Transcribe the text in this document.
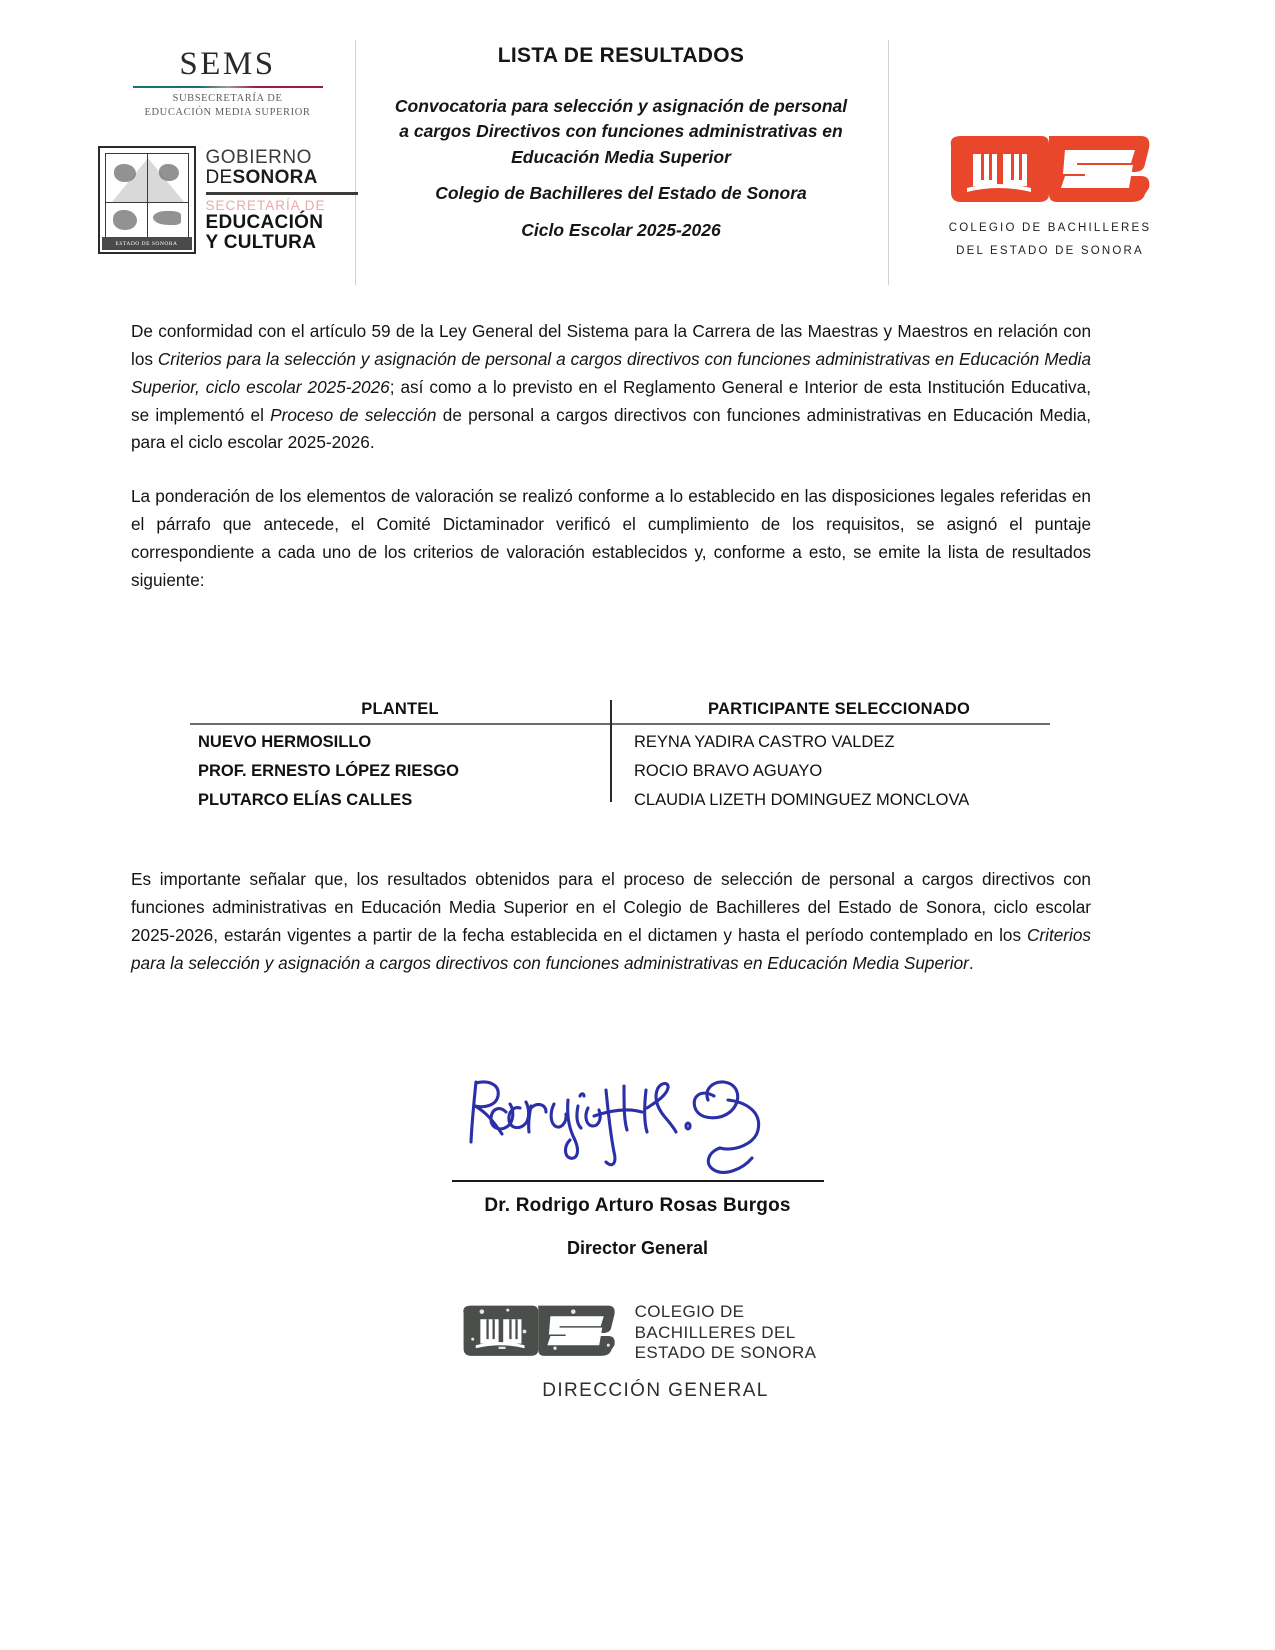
SEMS
SUBSECRETARÍA DE
EDUCACIÓN MEDIA SUPERIOR
ESTADO DE SONORA
GOBIERNO
DESONORA
SECRETARÍA DE
EDUCACIÓN
Y CULTURA
LISTA DE RESULTADOS
Convocatoria para selección y asignación de personal
a cargos Directivos con funciones administrativas en
Educación Media Superior
Colegio de Bachilleres del Estado de Sonora
Ciclo Escolar 2025-2026	COLEGIO DE BACHILLERES
DEL ESTADO DE SONORA

De conformidad con el artículo 59 de la Ley General del Sistema para la Carrera de las Maestras y Maestros en relación con los Criterios para la selección y asignación de personal a cargos directivos con funciones administrativas en Educación Media Superior, ciclo escolar 2025-2026; así como a lo previsto en el Reglamento General e Interior de esta Institución Educativa, se implementó el Proceso de selección de personal a cargos directivos con funciones administrativas en Educación Media, para el ciclo escolar 2025-2026.

La ponderación de los elementos de valoración se realizó conforme a lo establecido en las disposiciones legales referidas en el párrafo que antecede, el Comité Dictaminador verificó el cumplimiento de los requisitos, se asignó el puntaje correspondiente a cada uno de los criterios de valoración establecidos y, conforme a esto, se emite la lista de resultados siguiente:

PLANTEL	PARTICIPANTE SELECCIONADO
NUEVO HERMOSILLO	REYNA YADIRA CASTRO VALDEZ
PROF. ERNESTO LÓPEZ RIESGO	ROCIO BRAVO AGUAYO
PLUTARCO ELÍAS CALLES	CLAUDIA LIZETH DOMINGUEZ MONCLOVA

Es importante señalar que, los resultados obtenidos para el proceso de selección de personal a cargos directivos con funciones administrativas en Educación Media Superior en el Colegio de Bachilleres del Estado de Sonora, ciclo escolar 2025-2026, estarán vigentes a partir de la fecha establecida en el dictamen y hasta el período contemplado en los Criterios para la selección y asignación a cargos directivos con funciones administrativas en Educación Media Superior.

Dr. Rodrigo Arturo Rosas Burgos
Director General
COLEGIO DE
BACHILLERES DEL
ESTADO DE SONORA
DIRECCIÓN GENERAL
